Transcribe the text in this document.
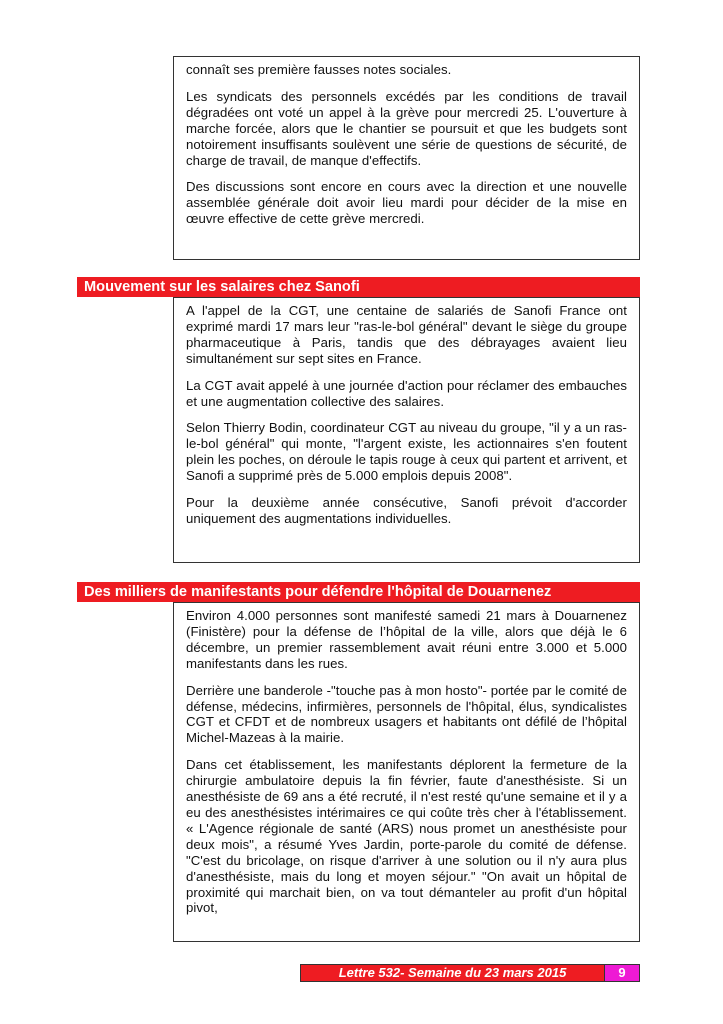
connaît ses première fausses notes sociales.

Les syndicats des personnels excédés par les conditions de travail dégradées ont voté un appel à la grève pour mercredi 25. L'ouverture à marche forcée, alors que le chantier se poursuit et que les budgets sont notoirement insuffisants soulèvent une série de questions de sécurité, de charge de travail, de manque d'effectifs.

Des discussions sont encore en cours avec la direction et une nouvelle assemblée générale doit avoir lieu mardi pour décider de la mise en œuvre effective de cette grève mercredi.

Mouvement sur les salaires chez Sanofi

A l'appel de la CGT, une centaine de salariés de Sanofi France ont exprimé mardi 17 mars leur "ras-le-bol général" devant le siège du groupe pharmaceutique à Paris, tandis que des débrayages avaient lieu simultanément sur sept sites en France.

La CGT avait appelé à une journée d'action pour réclamer des embauches et une augmentation collective des salaires.

Selon Thierry Bodin, coordinateur CGT au niveau du groupe, "il y a un ras-le-bol général" qui monte, "l'argent existe, les actionnaires s'en foutent plein les poches, on déroule le tapis rouge à ceux qui partent et arrivent, et Sanofi a supprimé près de 5.000 emplois depuis 2008".

Pour la deuxième année consécutive, Sanofi prévoit d'accorder uniquement des augmentations individuelles.

Des milliers de manifestants pour défendre l'hôpital de Douarnenez

Environ 4.000 personnes sont manifesté samedi 21 mars à Douarnenez (Finistère) pour la défense de l’hôpital de la ville, alors que déjà le 6 décembre, un premier rassemblement avait réuni entre 3.000 et 5.000 manifestants dans les rues.

Derrière une banderole -"touche pas à mon hosto"- portée par le comité de défense, médecins, infirmières, personnels de l'hôpital, élus, syndicalistes CGT et CFDT et de nombreux usagers et habitants ont défilé de l’hôpital Michel-Mazeas à la mairie.

Dans cet établissement, les manifestants déplorent la fermeture de la chirurgie ambulatoire depuis la fin février, faute d'anesthésiste. Si un anesthésiste de 69 ans a été recruté, il n'est resté qu'une semaine et il y a eu des anesthésistes intérimaires ce qui coûte très cher à l'établissement. « L'Agence régionale de santé (ARS) nous promet un anesthésiste pour deux mois", a résumé Yves Jardin, porte-parole du comité de défense. "C'est du bricolage, on risque d'arriver à une solution ou il n'y aura plus d'anesthésiste, mais du long et moyen séjour." "On avait un hôpital de proximité qui marchait bien, on va tout démanteler au profit d'un hôpital pivot,

Lettre 532- Semaine du 23 mars 2015	9
